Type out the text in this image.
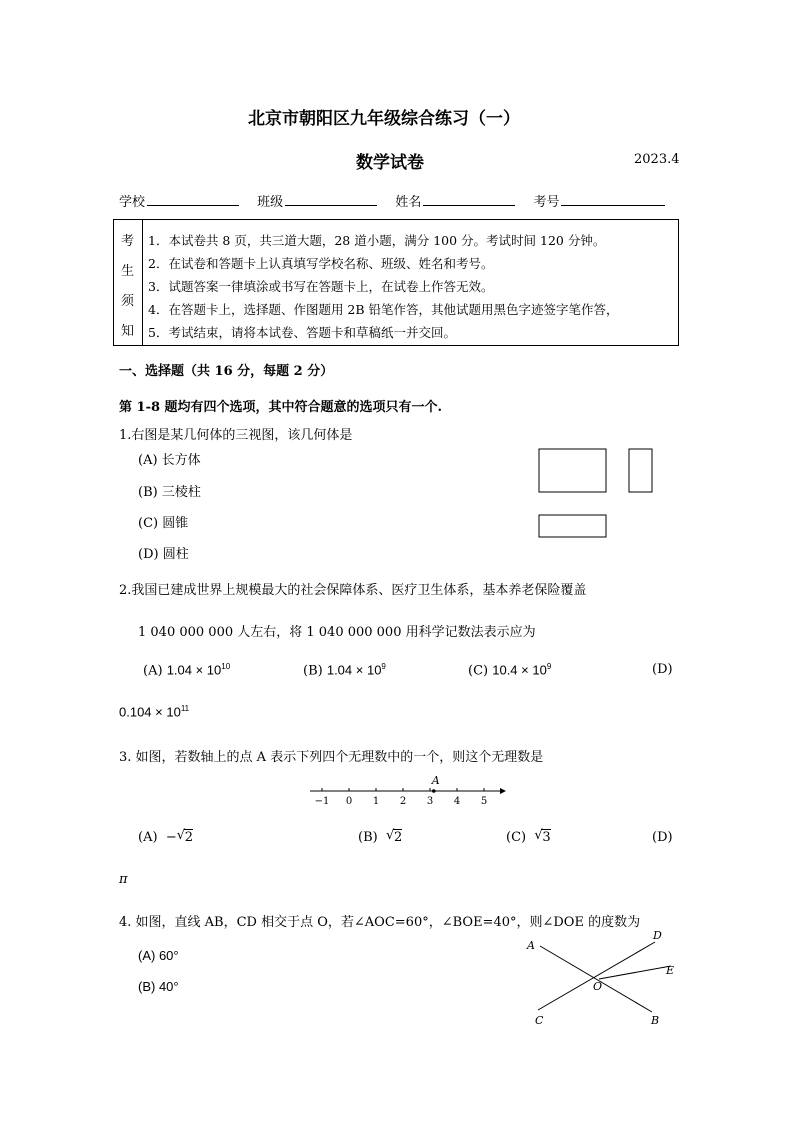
北京市朝阳区九年级综合练习（一）
数学试卷	2023.4
学校	班级	姓名	考号
考
生
须
知
1．本试卷共 8 页，共三道大题，28 道小题，满分 100 分。考试时间 120 分钟。
2．在试卷和答题卡上认真填写学校名称、班级、姓名和考号。
3．试题答案一律填涂或书写在答题卡上，在试卷上作答无效。
4．在答题卡上，选择题、作图题用 2B 铅笔作答，其他试题用黑色字迹签字笔作答，
5．考试结束，请将本试卷、答题卡和草稿纸一并交回。
一、选择题（共 16 分，每题 2 分）
第 1-8 题均有四个选项，其中符合题意的选项只有一个.
1.右图是某几何体的三视图，该几何体是
(A) 长方体
(B) 三棱柱
(C) 圆锥
(D) 圆柱
2.我国已建成世界上规模最大的社会保障体系、医疗卫生体系，基本养老保险覆盖
1 040 000 000 人左右，将 1 040 000 000 用科学记数法表示应为
(A) $1.04 \times 10^{10}$	(B) $1.04 \times 10^9$	(C) $10.4 \times 10^9$	(D)
$0.104 \times 10^{11}$
3. 如图，若数轴上的点 A 表示下列四个无理数中的一个，则这个无理数是
−1 0 1 2 3 4 5
A
(A) − √ 2	(B) √ 2	(C) √ 3	(D)
π
4. 如图，直线 AB，CD 相交于点 O，若∠AOC=60°，∠BOE=40°，则∠DOE 的度数为
(A) 60°
(B) 40°
A
D
E
O
C	B
